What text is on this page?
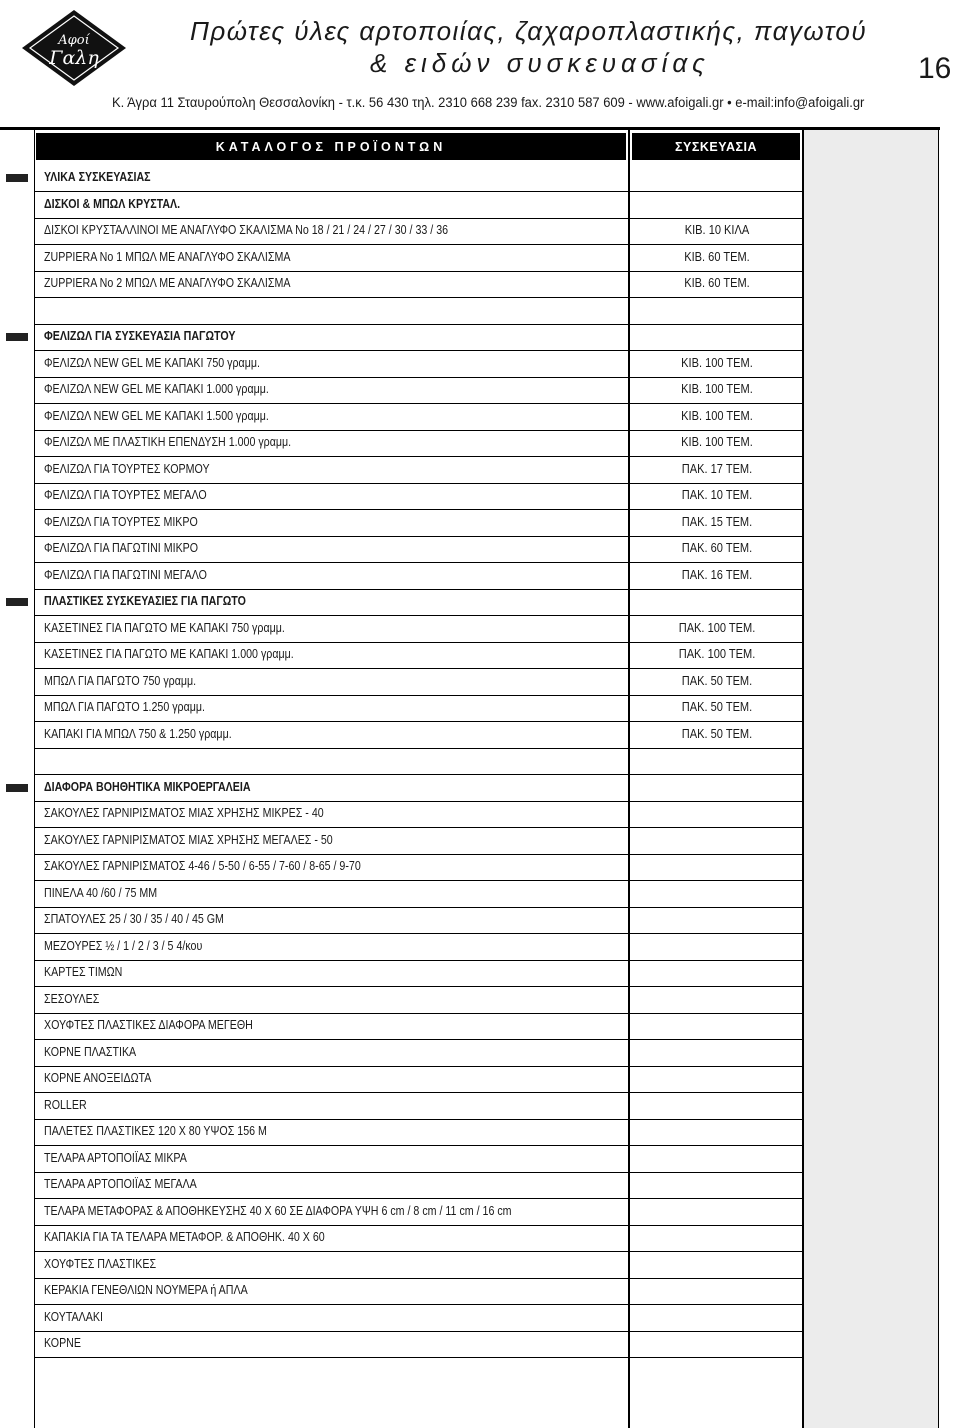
Αφοί
Γαλη
Πρώτες ύλες αρτοποιίας, ζαχαροπλαστικής, παγωτού
& ειδών συσκευασίας	16
Κ. Άγρα 11 Σταυρούπολη Θεσσαλονίκη - τ.κ. 56 430 τηλ. 2310 668 239 fax. 2310 587 609 - www.afoigali.gr • e-mail:info@afoigali.gr
ΚΑΤΑΛΟΓΟΣ ΠΡΟΪΟΝΤΩΝ	ΣΥΣΚΕΥΑΣΙΑ
ΥΛΙΚΑ ΣΥΣΚΕΥΑΣΙΑΣ
ΔΙΣΚΟΙ & ΜΠΩΛ ΚΡΥΣΤΑΛ.
ΔΙΣΚΟΙ ΚΡΥΣΤΑΛΛΙΝΟΙ ΜΕ ΑΝΑΓΛΥΦΟ ΣΚΑΛΙΣΜΑ Νο 18 / 21 / 24 / 27 / 30 / 33 / 36	ΚΙΒ. 10 ΚΙΛΑ
ZUPPIERA Νο 1 ΜΠΩΛ ΜΕ ΑΝΑΓΛΥΦΟ ΣΚΑΛΙΣΜΑ	ΚΙΒ. 60 ΤΕΜ.
ZUPPIERA Νο 2 ΜΠΩΛ ΜΕ ΑΝΑΓΛΥΦΟ ΣΚΑΛΙΣΜΑ	ΚΙΒ. 60 ΤΕΜ.
ΦΕΛΙΖΩΛ ΓΙΑ ΣΥΣΚΕΥΑΣΙΑ ΠΑΓΩΤΟΥ
ΦΕΛΙΖΩΛ NEW GEL ΜΕ ΚΑΠΑΚΙ 750 γραμμ.	ΚΙΒ. 100 ΤΕΜ.
ΦΕΛΙΖΩΛ NEW GEL ΜΕ ΚΑΠΑΚΙ 1.000 γραμμ.	ΚΙΒ. 100 ΤΕΜ.
ΦΕΛΙΖΩΛ NEW GEL ΜΕ ΚΑΠΑΚΙ 1.500 γραμμ.	ΚΙΒ. 100 ΤΕΜ.
ΦΕΛΙΖΩΛ ΜΕ ΠΛΑΣΤΙΚΗ ΕΠΕΝΔΥΣΗ 1.000 γραμμ.	ΚΙΒ. 100 ΤΕΜ.
ΦΕΛΙΖΩΛ ΓΙΑ ΤΟΥΡΤΕΣ ΚΟΡΜΟΥ	ΠΑΚ. 17 ΤΕΜ.
ΦΕΛΙΖΩΛ ΓΙΑ ΤΟΥΡΤΕΣ ΜΕΓΑΛΟ	ΠΑΚ. 10 ΤΕΜ.
ΦΕΛΙΖΩΛ ΓΙΑ ΤΟΥΡΤΕΣ ΜΙΚΡΟ	ΠΑΚ. 15 ΤΕΜ.
ΦΕΛΙΖΩΛ ΓΙΑ ΠΑΓΩΤΙΝΙ ΜΙΚΡΟ	ΠΑΚ. 60 ΤΕΜ.
ΦΕΛΙΖΩΛ ΓΙΑ ΠΑΓΩΤΙΝΙ ΜΕΓΑΛΟ	ΠΑΚ. 16 ΤΕΜ.
ΠΛΑΣΤΙΚΕΣ ΣΥΣΚΕΥΑΣΙΕΣ ΓΙΑ ΠΑΓΩΤΟ
ΚΑΣΕΤΙΝΕΣ ΓΙΑ ΠΑΓΩΤΟ ΜΕ ΚΑΠΑΚΙ 750 γραμμ.	ΠΑΚ. 100 ΤΕΜ.
ΚΑΣΕΤΙΝΕΣ ΓΙΑ ΠΑΓΩΤΟ ΜΕ ΚΑΠΑΚΙ 1.000 γραμμ.	ΠΑΚ. 100 ΤΕΜ.
ΜΠΩΛ ΓΙΑ ΠΑΓΩΤΟ 750 γραμμ.	ΠΑΚ. 50 ΤΕΜ.
ΜΠΩΛ ΓΙΑ ΠΑΓΩΤΟ 1.250 γραμμ.	ΠΑΚ. 50 ΤΕΜ.
ΚΑΠΑΚΙ ΓΙΑ ΜΠΩΛ 750 & 1.250 γραμμ.	ΠΑΚ. 50 ΤΕΜ.
ΔΙΑΦΟΡΑ ΒΟΗΘΗΤΙΚΑ ΜΙΚΡΟΕΡΓΑΛΕΙΑ
ΣΑΚΟΥΛΕΣ ΓΑΡΝΙΡΙΣΜΑΤΟΣ ΜΙΑΣ ΧΡΗΣΗΣ ΜΙΚΡΕΣ - 40
ΣΑΚΟΥΛΕΣ ΓΑΡΝΙΡΙΣΜΑΤΟΣ ΜΙΑΣ ΧΡΗΣΗΣ ΜΕΓΑΛΕΣ - 50
ΣΑΚΟΥΛΕΣ ΓΑΡΝΙΡΙΣΜΑΤΟΣ 4-46 / 5-50 / 6-55 / 7-60 / 8-65 / 9-70
ΠΙΝΕΛΑ 40 /60 / 75 ΜΜ
ΣΠΑΤΟΥΛΕΣ 25 / 30 / 35 / 40 / 45 GM
ΜΕΖΟΥΡΕΣ ½ / 1 / 2 / 3 / 5 4/κου
ΚΑΡΤΕΣ ΤΙΜΩΝ
ΣΕΣΟΥΛΕΣ
ΧΟΥΦΤΕΣ ΠΛΑΣΤΙΚΕΣ ΔΙΑΦΟΡΑ ΜΕΓΕΘΗ
ΚΟΡΝΕ ΠΛΑΣΤΙΚΑ
ΚΟΡΝΕ ΑΝΟΞΕΙΔΩΤΑ
ROLLER
ΠΑΛΕΤΕΣ ΠΛΑΣΤΙΚΕΣ 120 Χ 80 ΥΨΟΣ 156 Μ
ΤΕΛΑΡΑ ΑΡΤΟΠΟΙΪΑΣ ΜΙΚΡΑ
ΤΕΛΑΡΑ ΑΡΤΟΠΟΙΪΑΣ ΜΕΓΑΛΑ
ΤΕΛΑΡΑ ΜΕΤΑΦΟΡΑΣ & ΑΠΟΘΗΚΕΥΣΗΣ 40 Χ 60 ΣΕ ΔΙΑΦΟΡΑ ΥΨΗ 6 cm / 8 cm / 11 cm / 16 cm
ΚΑΠΑΚΙΑ ΓΙΑ ΤΑ ΤΕΛΑΡΑ ΜΕΤΑΦΟΡ. & ΑΠΟΘΗΚ. 40 Χ 60
ΧΟΥΦΤΕΣ ΠΛΑΣΤΙΚΕΣ
ΚΕΡΑΚΙΑ ΓΕΝΕΘΛΙΩΝ ΝΟΥΜΕΡΑ ή ΑΠΛΑ
ΚΟΥΤΑΛΑΚΙ
ΚΟΡΝΕ
